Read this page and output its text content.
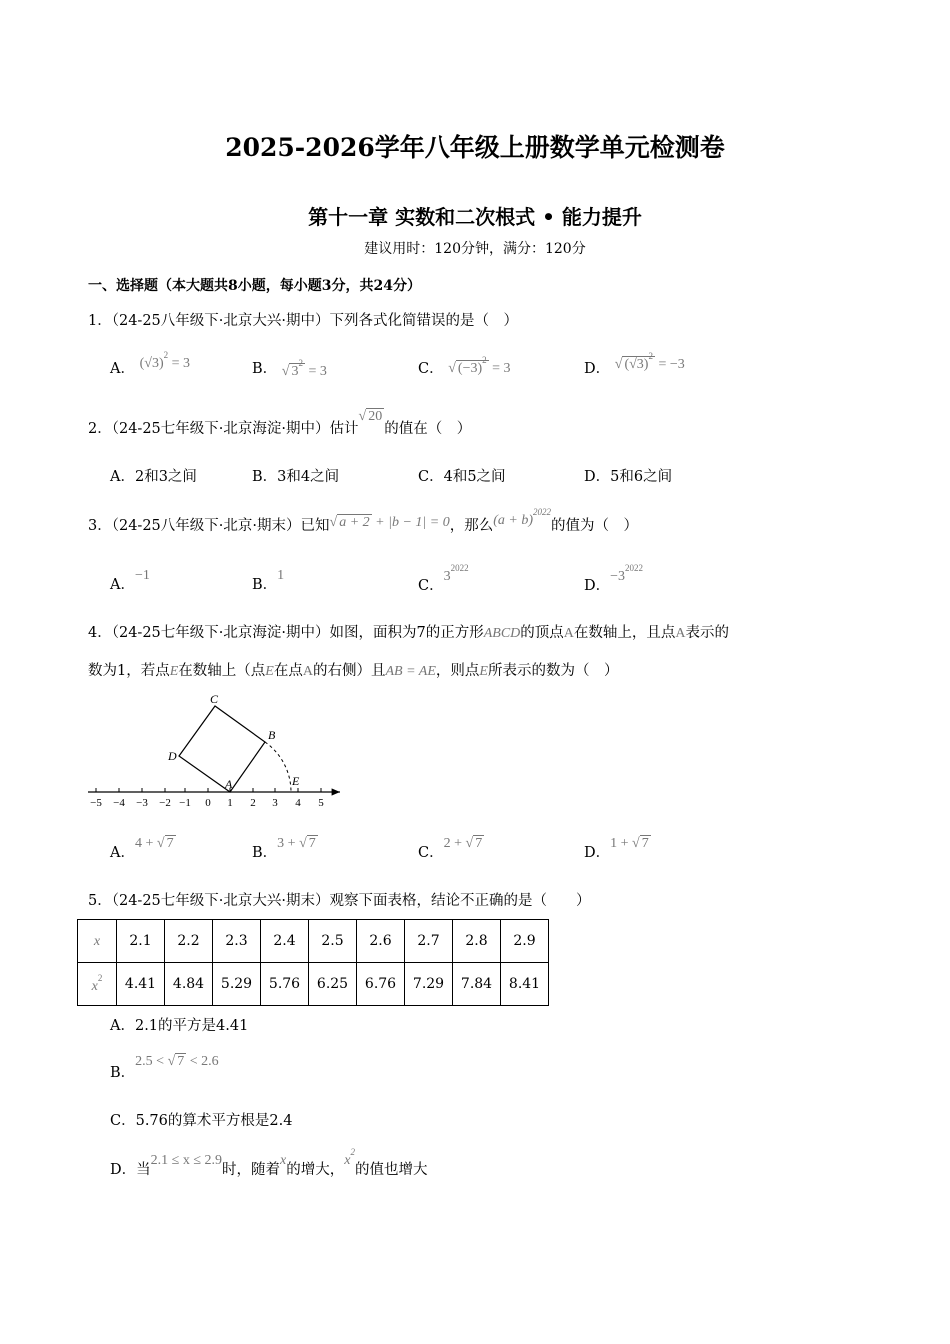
2025-2026学年八年级上册数学单元检测卷
第十一章 实数和二次根式 • 能力提升
建议用时：120分钟，满分：120分
一、选择题（本大题共8小题，每小题3分，共24分）
1．（24-25八年级下·北京大兴·期中）下列各式化简错误的是（　）
A． $(√3)^2 = 3$	B． √ $3^2 = 3$	C． √ $(-3)^2 = 3$	D． √ $(√3)^2 = -3$
2．（24-25七年级下·北京海淀·期中）估计√ 20的值在（　）
A．2和3之间	B．3和4之间	C．4和5之间	D．5和6之间
3．（24-25八年级下·北京·期末）已知√ a + 2 + |b − 1| = 0，那么$(a + b)^{2022}$的值为（　）
A．−1
B．1
C．$3^{2022}$
D．$-3^{2022}$
4．（24-25七年级下·北京海淀·期中）如图，面积为7的正方形ABCD的顶点A在数轴上，且点A表示的
数为1，若点E在数轴上（点E在点A的右侧）且AB = AE，则点E所表示的数为（　）
−5 −4 −3 −2 −1 0 1 2 3 4 5
C
B
D
A	E
A．4 + √ 7
B．3 + √ 7
C．2 + √ 7
D．1 + √ 7
5．（24-25七年级下·北京大兴·期末）观察下面表格，结论不正确的是（　　）
x	2.1	2.2	2.3	2.4	2.5	2.6	2.7	2.8	2.9
$x^2$	4.41	4.84	5.29	5.76	6.25	6.76	7.29	7.84	8.41
A．2.1的平方是4.41
B．2.5 < √ 7 < 2.6
C．5.76的算术平方根是2.4
D．当2.1 ≤ x ≤ 2.9时，随着x的增大，$x^2$的值也增大
